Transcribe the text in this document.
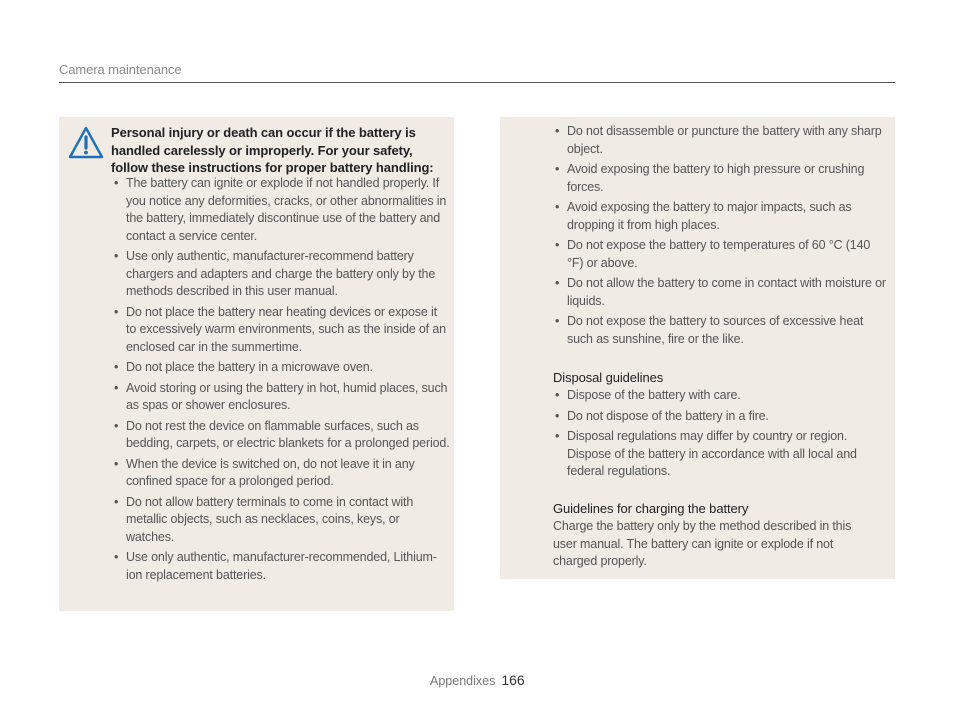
Camera maintenance
Personal injury or death can occur if the battery is handled carelessly or improperly. For your safety, follow these instructions for proper battery handling:
• The battery can ignite or explode if not handled properly. If you notice any deformities, cracks, or other abnormalities in the battery, immediately discontinue use of the battery and contact a service center.
• Use only authentic, manufacturer-recommend battery chargers and adapters and charge the battery only by the methods described in this user manual.
• Do not place the battery near heating devices or expose it to excessively warm environments, such as the inside of an enclosed car in the summertime.
• Do not place the battery in a microwave oven.
• Avoid storing or using the battery in hot, humid places, such as spas or shower enclosures.
• Do not rest the device on flammable surfaces, such as bedding, carpets, or electric blankets for a prolonged period.
• When the device is switched on, do not leave it in any confined space for a prolonged period.
• Do not allow battery terminals to come in contact with metallic objects, such as necklaces, coins, keys, or watches.
• Use only authentic, manufacturer-recommended, Lithium-ion replacement batteries.
• Do not disassemble or puncture the battery with any sharp object.
• Avoid exposing the battery to high pressure or crushing forces.
• Avoid exposing the battery to major impacts, such as dropping it from high places.
• Do not expose the battery to temperatures of 60 °C (140 °F) or above.
• Do not allow the battery to come in contact with moisture or liquids.
• Do not expose the battery to sources of excessive heat such as sunshine, fire or the like.
Disposal guidelines
• Dispose of the battery with care.
• Do not dispose of the battery in a fire.
• Disposal regulations may differ by country or region. Dispose of the battery in accordance with all local and federal regulations.
Guidelines for charging the battery
Charge the battery only by the method described in this user manual. The battery can ignite or explode if not charged properly.
Appendixes 166
